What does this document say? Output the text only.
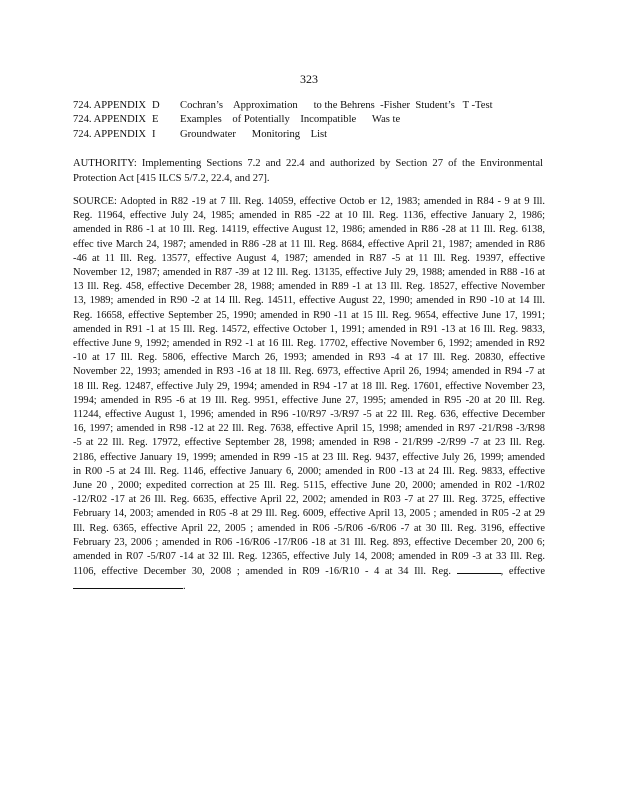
323
724. APPENDIX D	Cochran’s    Approximation      to the Behrens  -Fisher  Student’s   T -Test
724. APPENDIX E	Examples    of Potentially    Incompatible      Was te
724. APPENDIX I	Groundwater      Monitoring    List

AUTHORITY: Implementing Sections 7.2 and 22.4 and authorized by Section 27 of the Environmental Protection Act [415 ILCS 5/7.2, 22.4, and 27].

SOURCE: Adopted in R82 -19 at 7 Ill. Reg. 14059, effective Octob er 12, 1983; amended in R84 - 9 at 9 Ill. Reg. 11964, effective July 24, 1985; amended in R85 -22 at 10 Ill. Reg. 1136, effective January 2, 1986; amended in R86 -1 at 10 Ill. Reg. 14119, effective August 12, 1986; amended in R86 -28 at 11 Ill. Reg. 6138, effec tive March 24, 1987; amended in R86 -28 at 11 Ill. Reg. 8684, effective April 21, 1987; amended in R86 -46 at 11 Ill. Reg. 13577, effective August 4, 1987; amended in R87 -5 at 11 Ill. Reg. 19397, effective November 12, 1987; amended in R87 -39 at 12 Ill. Reg. 13135, effective July 29, 1988; amended in R88 -16 at 13 Ill. Reg. 458, effective December 28, 1988; amended in R89 -1 at 13 Ill. Reg. 18527, effective November 13, 1989; amended in R90 -2 at 14 Ill. Reg. 14511, effective August 22, 1990; amended in R90 -10 at 14 Ill. Reg. 16658, effective September 25, 1990; amended in R90 -11 at 15 Ill. Reg. 9654, effective June 17, 1991; amended in R91 -1 at 15 Ill. Reg. 14572, effective October 1, 1991; amended in R91 -13 at 16 Ill. Reg. 9833, effective June 9, 1992; amended in R92 -1 at 16 Ill. Reg. 17702, effective November 6, 1992; amended in R92 -10 at 17 Ill. Reg. 5806, effective March 26, 1993; amended in R93 -4 at 17 Ill. Reg. 20830, effective November 22, 1993; amended in R93 -16 at 18 Ill. Reg. 6973, effective April 26, 1994; amended in R94 -7 at 18 Ill. Reg. 12487, effective July 29, 1994; amended in R94 -17 at 18 Ill. Reg. 17601, effective November 23, 1994; amended in R95 -6 at 19 Ill. Reg. 9951, effective June 27, 1995; amended in R95 -20 at 20 Ill. Reg. 11244, effective August 1, 1996; amended in R96 -10/R97 -3/R97 -5 at 22 Ill. Reg. 636, effective December 16, 1997; amended in R98 -12 at 22 Ill. Reg. 7638, effective April 15, 1998; amended in R97 -21/R98 -3/R98 -5 at 22 Ill. Reg. 17972, effective September 28, 1998; amended in R98 - 21/R99 -2/R99 -7 at 23 Ill. Reg. 2186, effective January 19, 1999; amended in R99 -15 at 23 Ill. Reg. 9437, effective July 26, 1999; amended in R00 -5 at 24 Ill. Reg. 1146, effective January 6, 2000; amended in R00 -13 at 24 Ill. Reg. 9833, effective June 20 , 2000; expedited correction at 25 Ill. Reg. 5115, effective June 20, 2000; amended in R02 -1/R02 -12/R02 -17 at 26 Ill. Reg. 6635, effective April 22, 2002; amended in R03 -7 at 27 Ill. Reg. 3725, effective February 14, 2003; amended in R05 -8 at 29 Ill. Reg. 6009, effective April 13, 2005 ; amended in R05 -2 at 29 Ill. Reg. 6365, effective April 22, 2005 ; amended in R06 -5/R06 -6/R06 -7 at 30 Ill. Reg. 3196, effective February 23, 2006 ; amended in R06 -16/R06 -17/R06 -18 at 31 Ill. Reg. 893, effective December 20, 200 6; amended in R07 -5/R07 -14 at 32 Ill. Reg. 12365, effective July 14, 2008; amended in R09 -3 at 33 Ill. Reg. 1106, effective December 30, 2008 ; amended in R09 -16/R10 - 4 at 34 Ill. Reg.	, effective .
